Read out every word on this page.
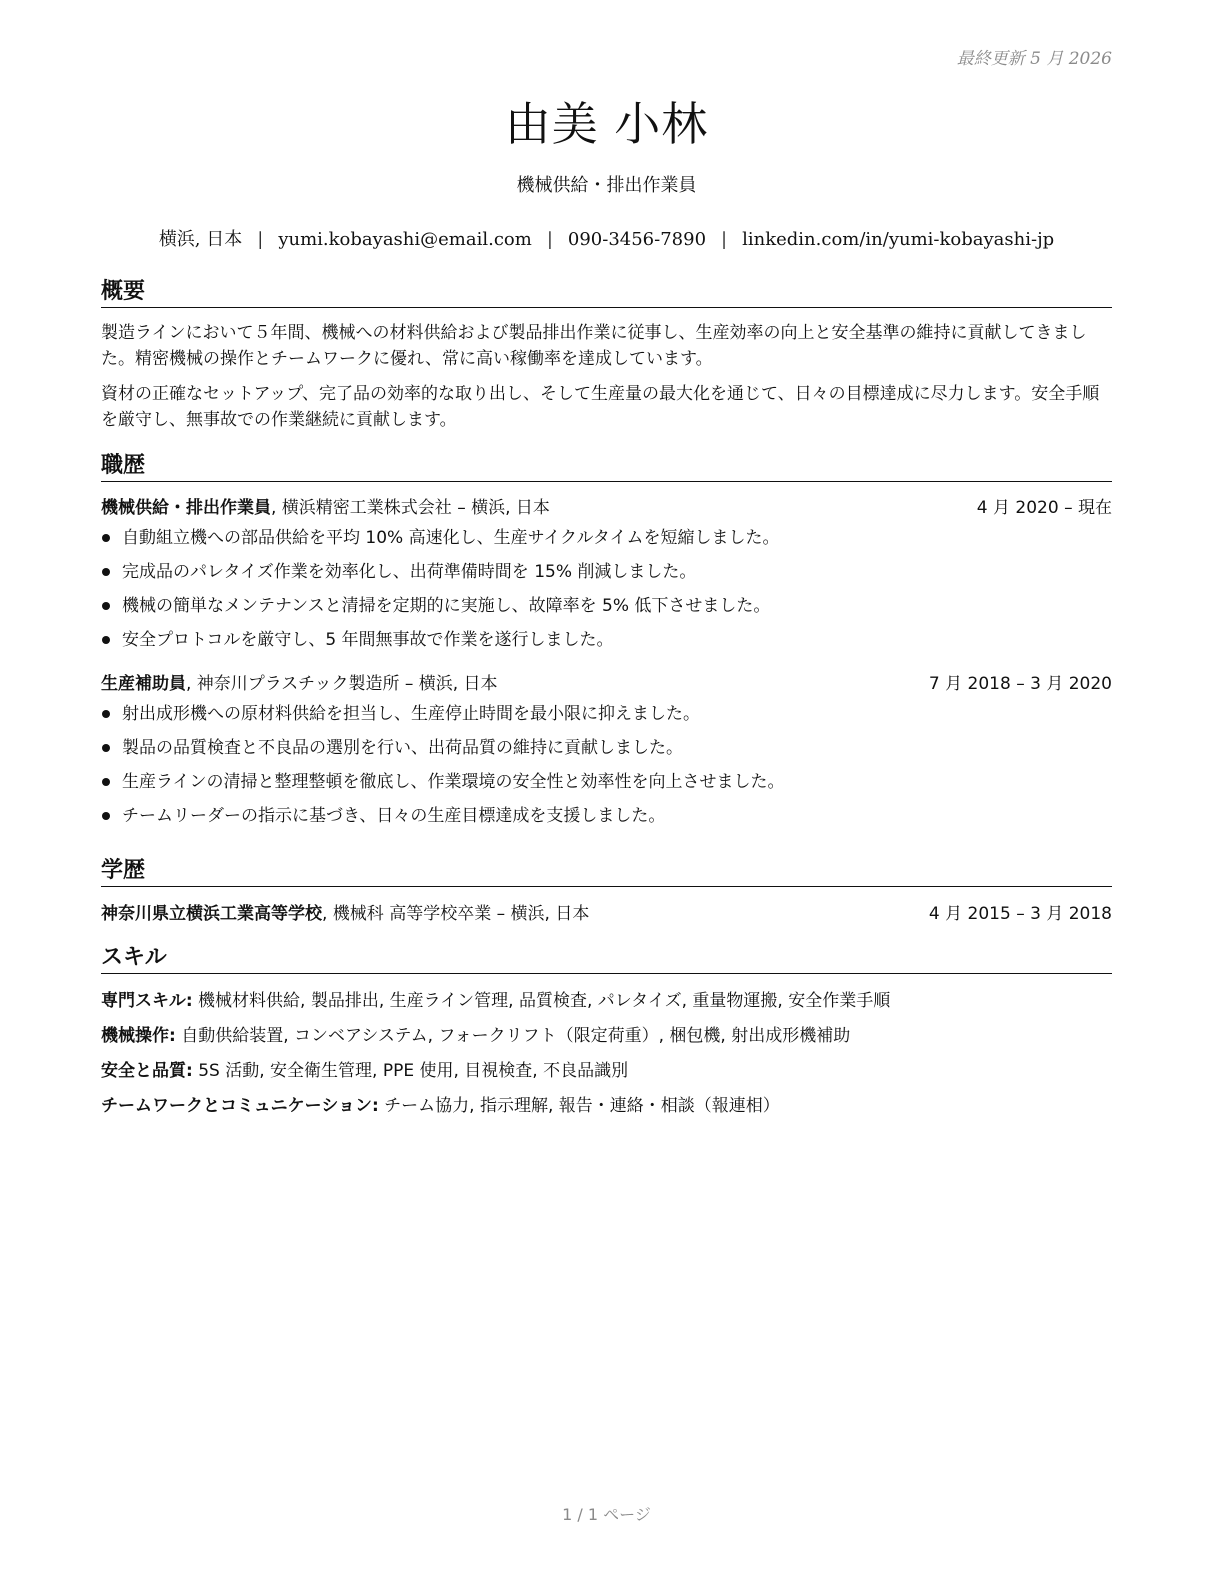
最終更新 5 月 2026
由美 小林
機械供給・排出作業員
横浜, 日本 | yumi.kobayashi@email.com | 090-3456-7890 | linkedin.com/in/yumi-kobayashi-jp
概要

製造ラインにおいて５年間、機械への材料供給および製品排出作業に従事し、生産効率の向上と安全基準の維持に貢献してきました。精密機械の操作とチームワークに優れ、常に高い稼働率を達成しています。

資材の正確なセットアップ、完了品の効率的な取り出し、そして生産量の最大化を通じて、日々の目標達成に尽力します。安全手順を厳守し、無事故での作業継続に貢献します。

職歴
機械供給・排出作業員, 横浜精密工業株式会社 – 横浜, 日本	4 月 2020 – 現在
自動組立機への部品供給を平均 10% 高速化し、生産サイクルタイムを短縮しました。
完成品のパレタイズ作業を効率化し、出荷準備時間を 15% 削減しました。
機械の簡単なメンテナンスと清掃を定期的に実施し、故障率を 5% 低下させました。
安全プロトコルを厳守し、5 年間無事故で作業を遂行しました。
生産補助員, 神奈川プラスチック製造所 – 横浜, 日本	7 月 2018 – 3 月 2020
射出成形機への原材料供給を担当し、生産停止時間を最小限に抑えました。
製品の品質検査と不良品の選別を行い、出荷品質の維持に貢献しました。
生産ラインの清掃と整理整頓を徹底し、作業環境の安全性と効率性を向上させました。
チームリーダーの指示に基づき、日々の生産目標達成を支援しました。
学歴
神奈川県立横浜工業高等学校, 機械科 高等学校卒業 – 横浜, 日本	4 月 2015 – 3 月 2018
スキル
専門スキル: 機械材料供給, 製品排出, 生産ライン管理, 品質検査, パレタイズ, 重量物運搬, 安全作業手順
機械操作: 自動供給装置, コンベアシステム, フォークリフト（限定荷重）, 梱包機, 射出成形機補助
安全と品質: 5S 活動, 安全衛生管理, PPE 使用, 目視検査, 不良品識別
チームワークとコミュニケーション: チーム協力, 指示理解, 報告・連絡・相談（報連相）
1 / 1 ページ
